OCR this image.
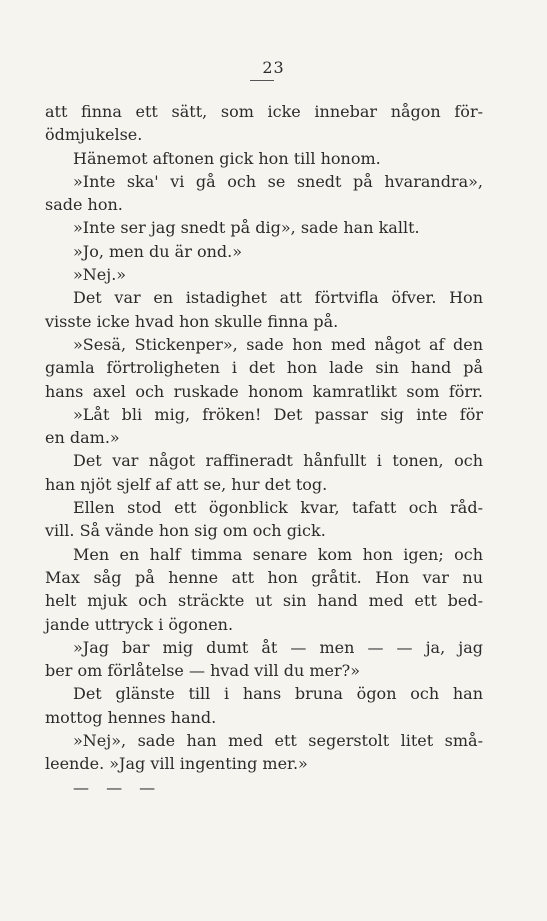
23
att finna ett sätt, som icke innebar någon för-
ödmjukelse.
Hänemot aftonen gick hon till honom.
»Inte ska' vi gå och se snedt på hvarandra»,
sade hon.
»Inte ser jag snedt på dig», sade han kallt.
»Jo, men du är ond.»
»Nej.»
Det var en istadighet att förtvifla öfver. Hon
visste icke hvad hon skulle finna på.
»Sesä, Stickenper», sade hon med något af den
gamla förtroligheten i det hon lade sin hand på
hans axel och ruskade honom kamratlikt som förr.
»Låt bli mig, fröken! Det passar sig inte för
en dam.»
Det var något raffineradt hånfullt i tonen, och
han njöt sjelf af att se, hur det tog.
Ellen stod ett ögonblick kvar, tafatt och råd-
vill. Så vände hon sig om och gick.
Men en half timma senare kom hon igen; och
Max såg på henne att hon gråtit. Hon var nu
helt mjuk och sträckte ut sin hand med ett bed-
jande uttryck i ögonen.
»Jag bar mig dumt åt — men — — ja, jag
ber om förlåtelse — hvad vill du mer?»
Det glänste till i hans bruna ögon och han
mottog hennes hand.
»Nej», sade han med ett segerstolt litet små-
leende. »Jag vill ingenting mer.»
— — —
